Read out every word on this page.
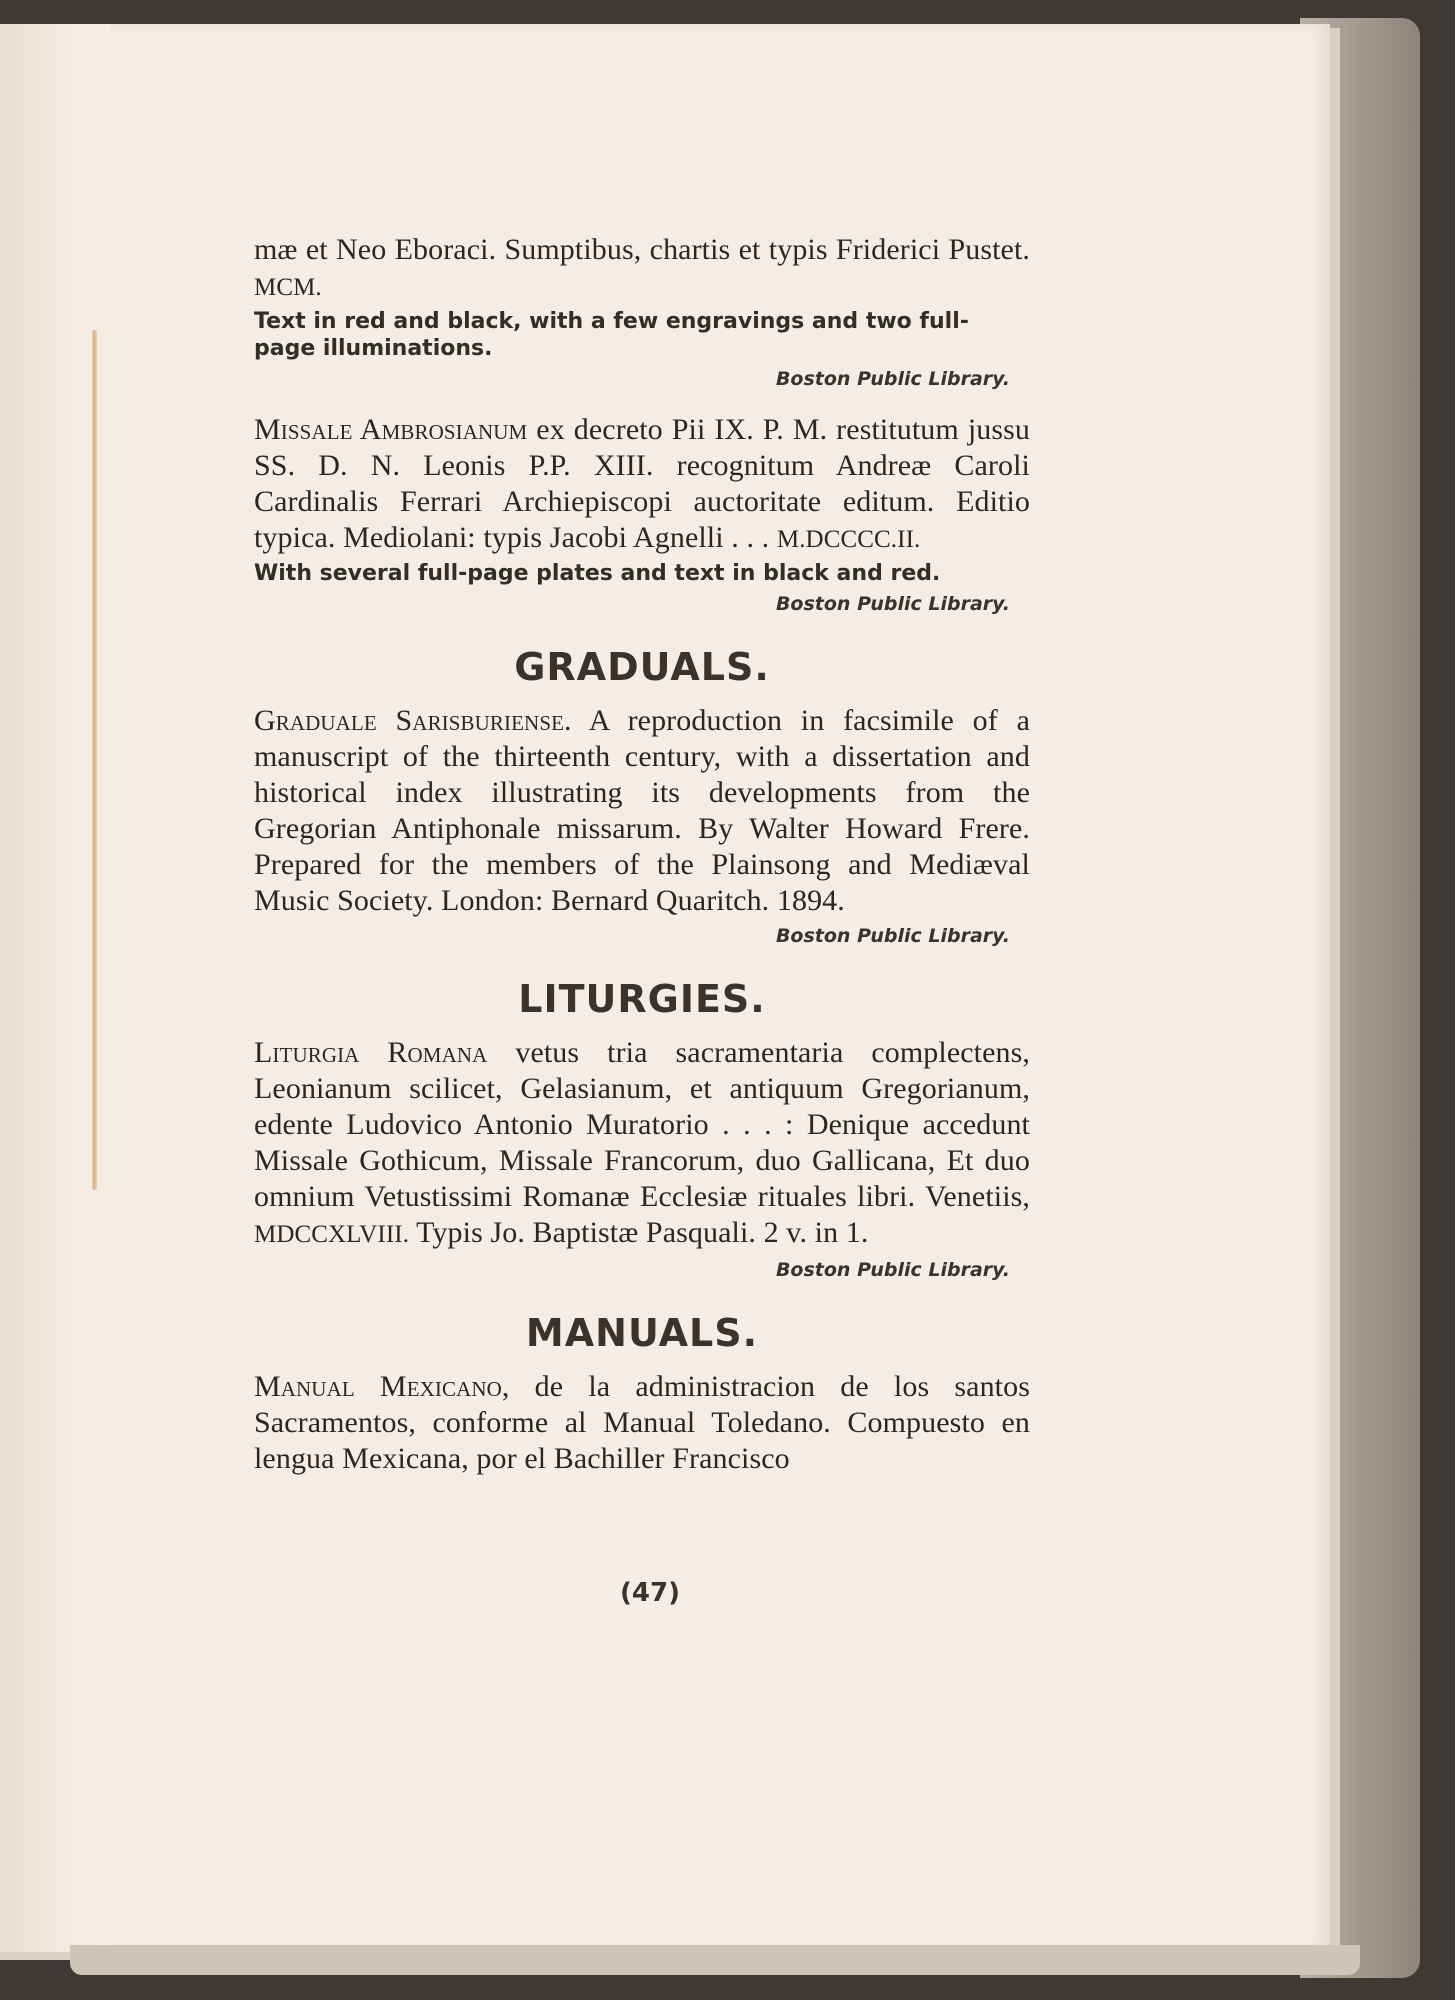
mæ et Neo Eboraci. Sumptibus, chartis et typis Friderici Pustet. MCM.

Text in red and black, with a few engravings and two full-page illuminations.

Boston Public Library.

Missale Ambrosianum ex decreto Pii IX. P. M. restitutum jussu SS. D. N. Leonis P.P. XIII. recognitum Andreæ Caroli Cardinalis Ferrari Archiepiscopi auctoritate editum. Editio typica. Mediolani: typis Jacobi Agnelli . . . M.DCCCC.II.

With several full-page plates and text in black and red.

Boston Public Library.

GRADUALS.

Graduale Sarisburiense. A reproduction in facsimile of a manuscript of the thirteenth century, with a dissertation and historical index illustrating its developments from the Gregorian Antiphonale missarum. By Walter Howard Frere. Prepared for the members of the Plainsong and Mediæval Music Society. London: Bernard Quaritch. 1894.

Boston Public Library.

LITURGIES.

Liturgia Romana vetus tria sacramentaria complectens, Leonianum scilicet, Gelasianum, et antiquum Gregorianum, edente Ludovico Antonio Muratorio . . . : Denique accedunt Missale Gothicum, Missale Francorum, duo Gallicana, Et duo omnium Vetustissimi Romanæ Ecclesiæ rituales libri. Venetiis, MDCCXLVIII. Typis Jo. Baptistæ Pasquali. 2 v. in 1.

Boston Public Library.

MANUALS.

Manual Mexicano, de la administracion de los santos Sacramentos, conforme al Manual Toledano. Compuesto en lengua Mexicana, por el Bachiller Francisco

(47)
